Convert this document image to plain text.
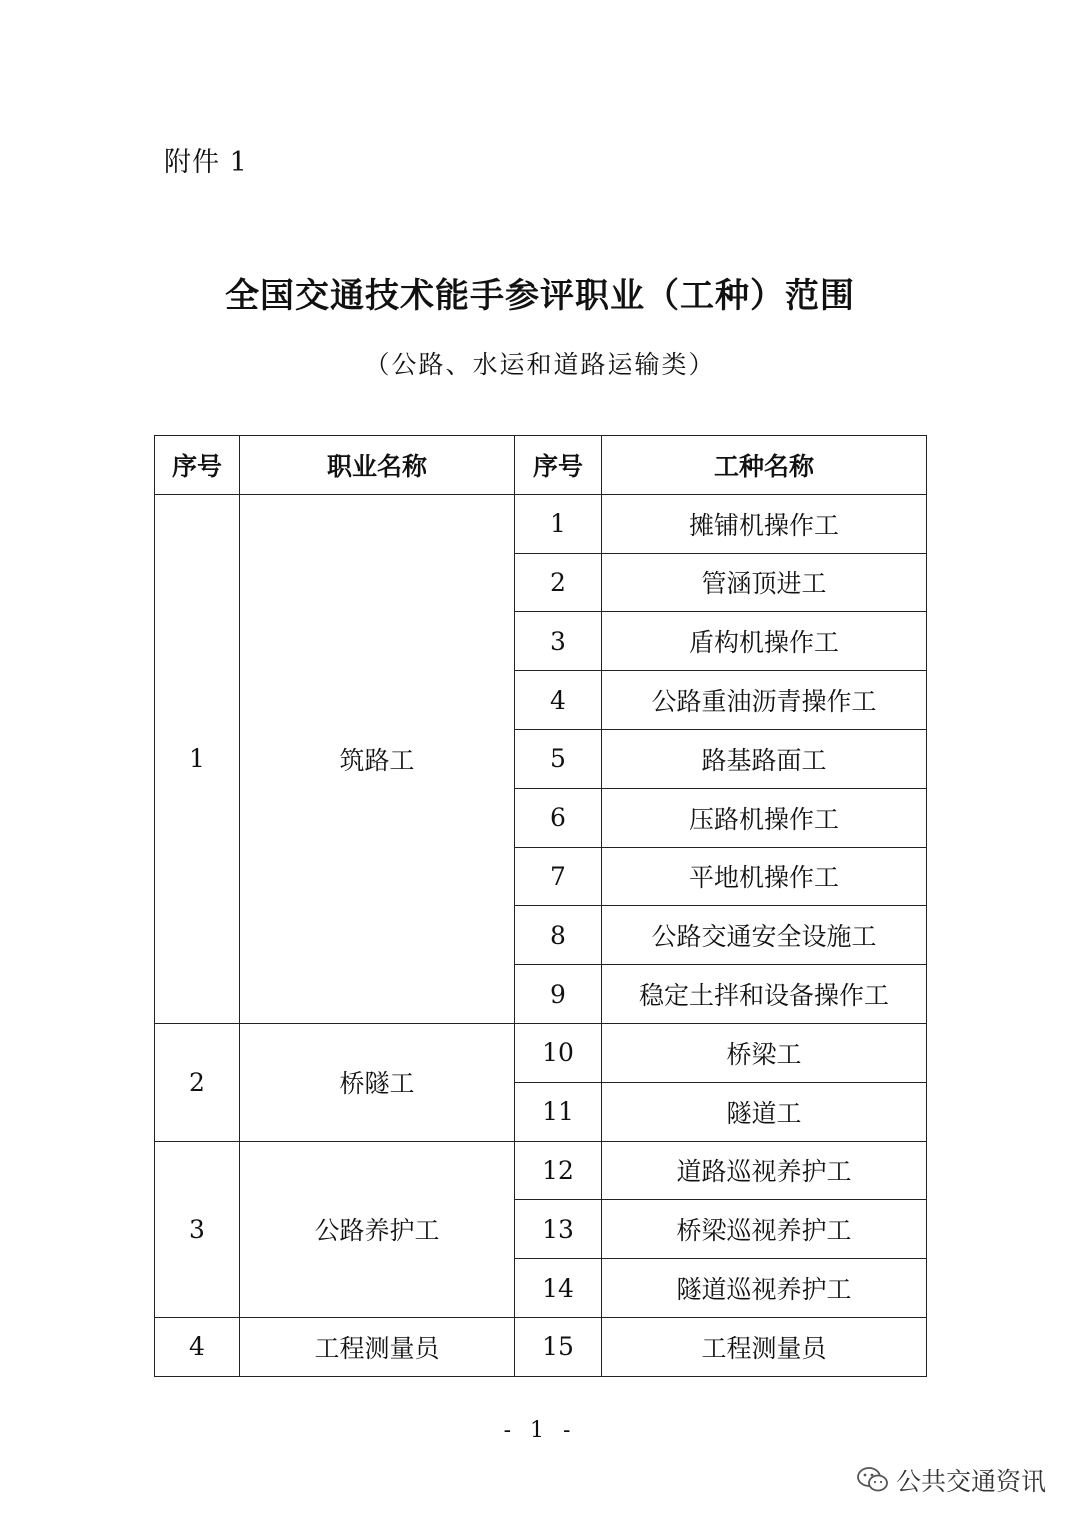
附件 1
全国交通技术能手参评职业（工种）范围
（公路、水运和道路运输类）
序号	职业名称	序号	工种名称
1	筑路工	1	摊铺机操作工
		2	管涵顶进工
		3	盾构机操作工
		4	公路重油沥青操作工
		5	路基路面工
		6	压路机操作工
		7	平地机操作工
		8	公路交通安全设施工
		9	稳定土拌和设备操作工
2	桥隧工	10	桥梁工
		11	隧道工
3	公路养护工	12	道路巡视养护工
		13	桥梁巡视养护工
		14	隧道巡视养护工
4	工程测量员	15	工程测量员
- 1 -
公共交通资讯
